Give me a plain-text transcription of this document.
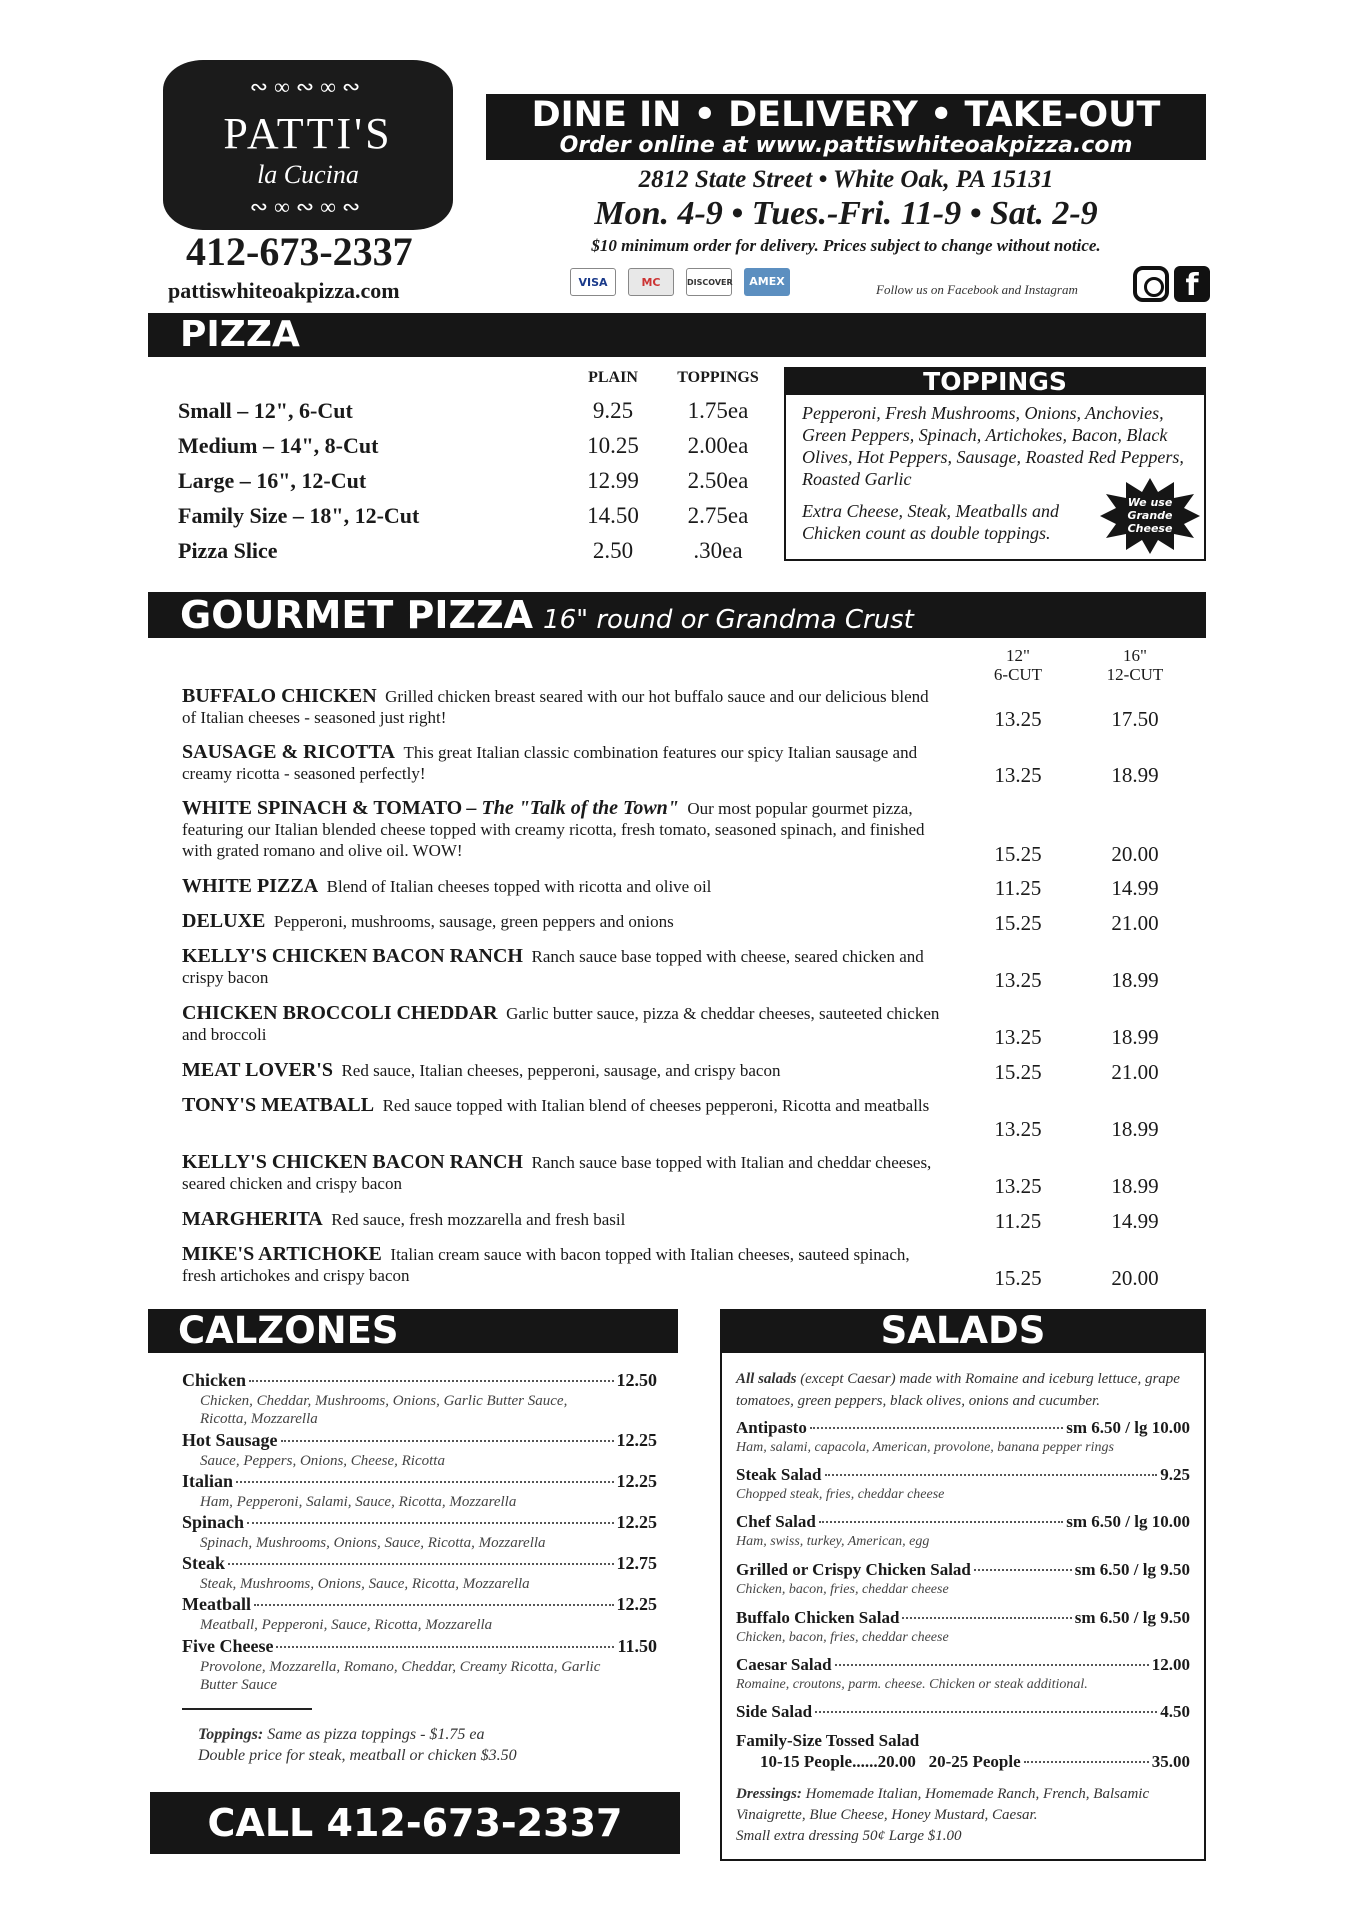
∾∞∾∞∾
PATTI'S
la Cucina
∾∞∾∞∾
412-673-2337
pattiswhiteoakpizza.com
DINE IN • DELIVERY • TAKE-OUT
Order online at www.pattiswhiteoakpizza.com
2812 State Street • White Oak, PA 15131
Mon. 4-9 • Tues.-Fri. 11-9 • Sat. 2-9
$10 minimum order for delivery. Prices subject to change without notice.
VISA	MC	DISCOVER	AMEX
Follow us on Facebook and Instagram	f
PIZZA
PLAIN	TOPPINGS
Small – 12", 6-Cut	9.25	1.75ea
Medium – 14", 8-Cut	10.25	2.00ea
Large – 16", 12-Cut	12.99	2.50ea
Family Size – 18", 12-Cut	14.50	2.75ea
Pizza Slice	2.50	.30ea
TOPPINGS
Pepperoni, Fresh Mushrooms, Onions, Anchovies, Green Peppers, Spinach, Artichokes, Bacon, Black Olives, Hot Peppers, Sausage, Roasted Red Peppers, Roasted Garlic
Extra Cheese, Steak, Meatballs and Chicken count as double toppings.
We use
Grande
Cheese
GOURMET PIZZA 16" round or Grandma Crust
12"
6-CUT
16"
12-CUT
BUFFALO CHICKEN Grilled chicken breast seared with our hot buffalo sauce and our delicious blend of Italian cheeses - seasoned just right!	13.25	17.50
SAUSAGE & RICOTTA This great Italian classic combination features our spicy Italian sausage and creamy ricotta - seasoned perfectly!	13.25	18.99
WHITE SPINACH & TOMATO – The "Talk of the Town" Our most popular gourmet pizza, featuring our Italian blended cheese topped with creamy ricotta, fresh tomato, seasoned spinach, and finished with grated romano and olive oil. WOW!	15.25	20.00
WHITE PIZZA Blend of Italian cheeses topped with ricotta and olive oil	11.25	14.99
DELUXE Pepperoni, mushrooms, sausage, green peppers and onions	15.25	21.00
KELLY'S CHICKEN BACON RANCH Ranch sauce base topped with cheese, seared chicken and crispy bacon	13.25	18.99
CHICKEN BROCCOLI CHEDDAR Garlic butter sauce, pizza & cheddar cheeses, sauteeted chicken and broccoli	13.25	18.99
MEAT LOVER'S Red sauce, Italian cheeses, pepperoni, sausage, and crispy bacon	15.25	21.00
TONY'S MEATBALL Red sauce topped with Italian blend of cheeses pepperoni, Ricotta and meatballs
13.25	18.99
KELLY'S CHICKEN BACON RANCH Ranch sauce base topped with Italian and cheddar cheeses, seared chicken and crispy bacon	13.25	18.99
MARGHERITA Red sauce, fresh mozzarella and fresh basil	11.25	14.99
MIKE'S ARTICHOKE Italian cream sauce with bacon topped with Italian cheeses, sauteed spinach, fresh artichokes and crispy bacon	15.25	20.00
CALZONES
Chicken	12.50
Chicken, Cheddar, Mushrooms, Onions, Garlic Butter Sauce, Ricotta, Mozzarella
Hot Sausage	12.25
Sauce, Peppers, Onions, Cheese, Ricotta
Italian	12.25
Ham, Pepperoni, Salami, Sauce, Ricotta, Mozzarella
Spinach	12.25
Spinach, Mushrooms, Onions, Sauce, Ricotta, Mozzarella
Steak	12.75
Steak, Mushrooms, Onions, Sauce, Ricotta, Mozzarella
Meatball	12.25
Meatball, Pepperoni, Sauce, Ricotta, Mozzarella
Five Cheese	11.50
Provolone, Mozzarella, Romano, Cheddar, Creamy Ricotta, Garlic Butter Sauce
Toppings: Same as pizza toppings - $1.75 ea
Double price for steak, meatball or chicken $3.50
CALL 412-673-2337
SALADS
All salads (except Caesar) made with Romaine and iceburg lettuce, grape tomatoes, green peppers, black olives, onions and cucumber.
Antipasto	sm 6.50 / lg 10.00
Ham, salami, capacola, American, provolone, banana pepper rings
Steak Salad	9.25
Chopped steak, fries, cheddar cheese
Chef Salad	sm 6.50 / lg 10.00
Ham, swiss, turkey, American, egg
Grilled or Crispy Chicken Salad	sm 6.50 / lg 9.50
Chicken, bacon, fries, cheddar cheese
Buffalo Chicken Salad	sm 6.50 / lg 9.50
Chicken, bacon, fries, cheddar cheese
Caesar Salad	12.00
Romaine, croutons, parm. cheese. Chicken or steak additional.
Side Salad	4.50
Family-Size Tossed Salad
10-15 People......20.00
20-25 People	35.00
Dressings: Homemade Italian, Homemade Ranch, French, Balsamic Vinaigrette, Blue Cheese, Honey Mustard, Caesar.
Small extra dressing 50¢ Large $1.00
